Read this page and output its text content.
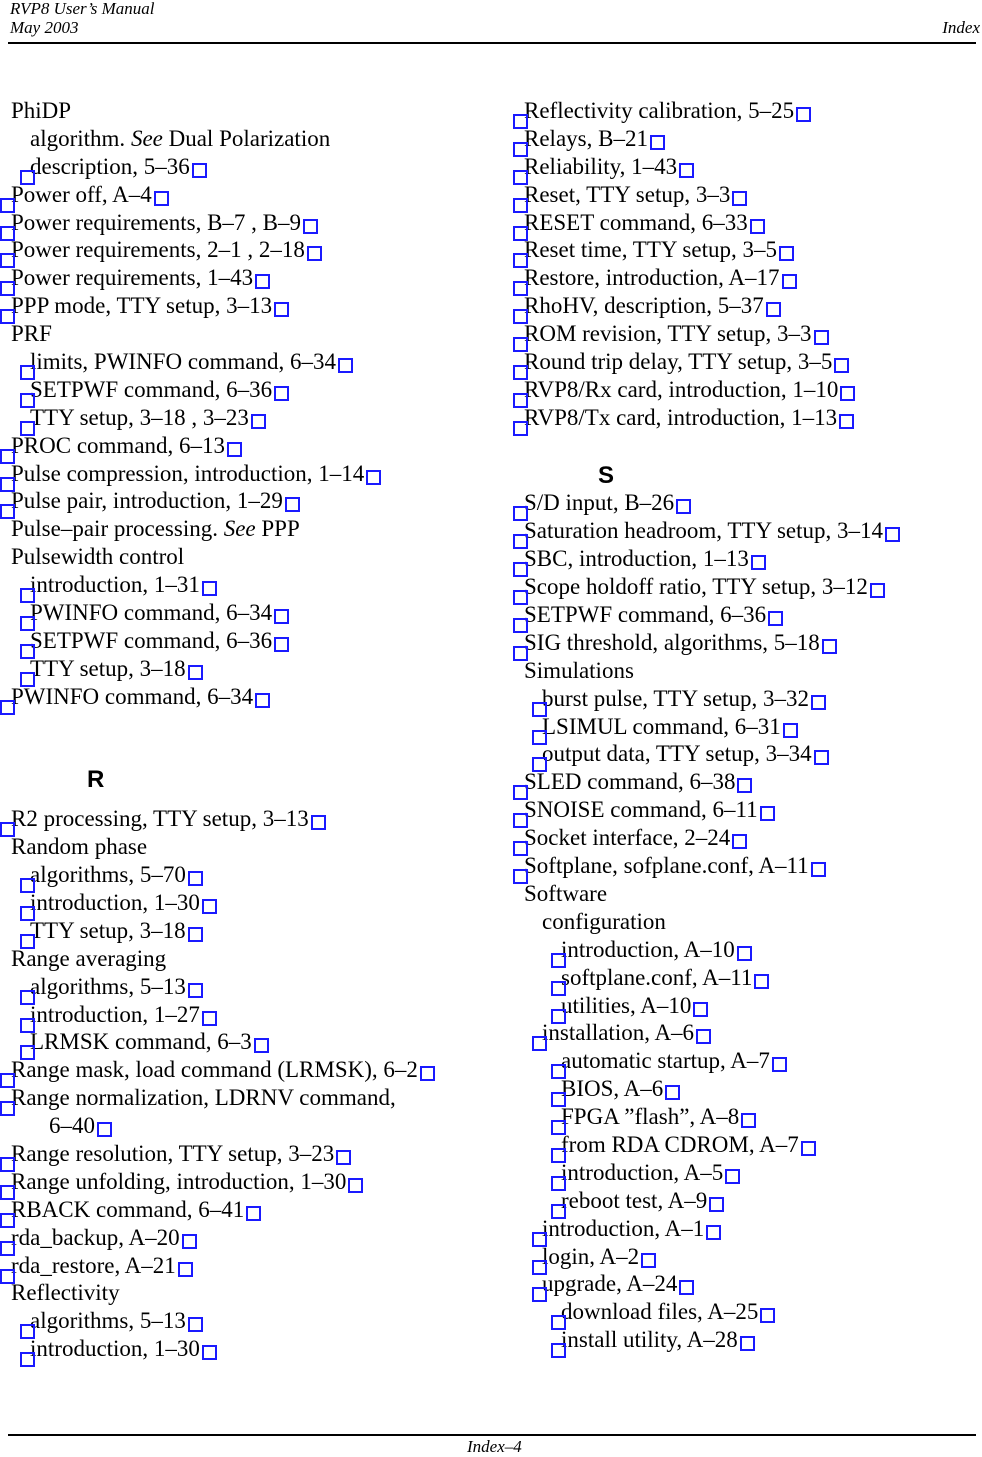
RVP8 User’s Manual
May 2003	Index
PhiDP
algorithm. See Dual Polarization
description, 5–36
Power off, A–4
Power requirements, B–7 , B–9
Power requirements, 2–1 , 2–18
Power requirements, 1–43
PPP mode, TTY setup, 3–13
PRF
limits, PWINFO command, 6–34
SETPWF command, 6–36
TTY setup, 3–18 , 3–23
PROC command, 6–13
Pulse compression, introduction, 1–14
Pulse pair, introduction, 1–29
Pulse–pair processing. See PPP
Pulsewidth control
introduction, 1–31
PWINFO command, 6–34
SETPWF command, 6–36
TTY setup, 3–18
PWINFO command, 6–34
R
R2 processing, TTY setup, 3–13
Random phase
algorithms, 5–70
introduction, 1–30
TTY setup, 3–18
Range averaging
algorithms, 5–13
introduction, 1–27
LRMSK command, 6–3
Range mask, load command (LRMSK), 6–2
Range normalization, LDRNV command,
6–40
Range resolution, TTY setup, 3–23
Range unfolding, introduction, 1–30
RBACK command, 6–41
rda_backup, A–20
rda_restore, A–21
Reflectivity
algorithms, 5–13
introduction, 1–30
Reflectivity calibration, 5–25
Relays, B–21
Reliability, 1–43
Reset, TTY setup, 3–3
RESET command, 6–33
Reset time, TTY setup, 3–5
Restore, introduction, A–17
RhoHV, description, 5–37
ROM revision, TTY setup, 3–3
Round trip delay, TTY setup, 3–5
RVP8/Rx card, introduction, 1–10
RVP8/Tx card, introduction, 1–13
S
S/D input, B–26
Saturation headroom, TTY setup, 3–14
SBC, introduction, 1–13
Scope holdoff ratio, TTY setup, 3–12
SETPWF command, 6–36
SIG threshold, algorithms, 5–18
Simulations
burst pulse, TTY setup, 3–32
LSIMUL command, 6–31
output data, TTY setup, 3–34
SLED command, 6–38
SNOISE command, 6–11
Socket interface, 2–24
Softplane, sofplane.conf, A–11
Software
configuration
introduction, A–10
softplane.conf, A–11
utilities, A–10
installation, A–6
automatic startup, A–7
BIOS, A–6
FPGA ”flash”, A–8
from RDA CDROM, A–7
introduction, A–5
reboot test, A–9
introduction, A–1
login, A–2
upgrade, A–24
download files, A–25
install utility, A–28
Index–4
